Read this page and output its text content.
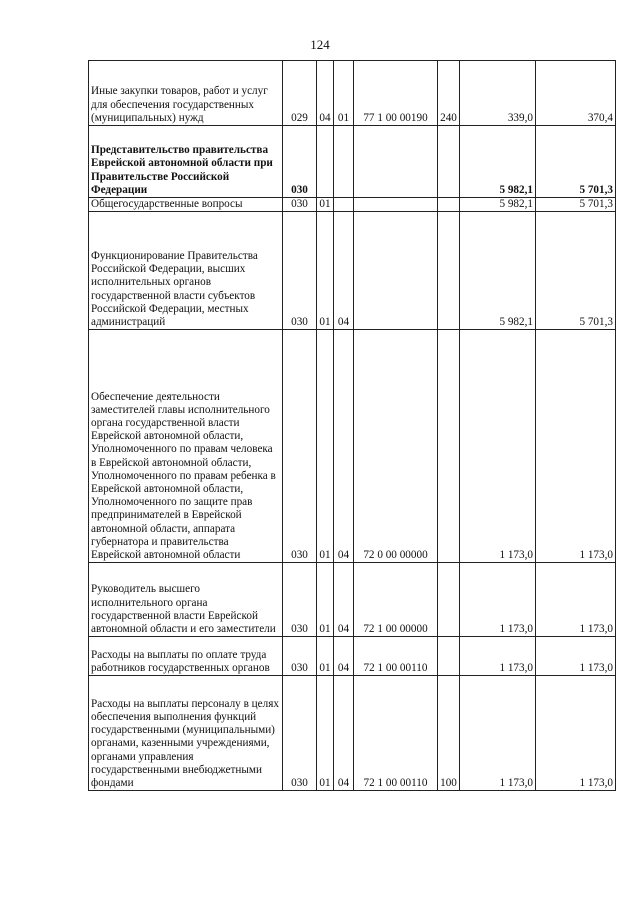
124
Иные закупки товаров, работ и услуг для обеспечения государственных (муниципальных) нужд	029	04	01	77 1 00 00190	240	339,0	370,4
Представительство правительства Еврейской автономной области при Правительстве Российской Федерации	030					5 982,1	5 701,3
Общегосударственные вопросы	030	01				5 982,1	5 701,3
Функционирование Правительства Российской Федерации, высших исполнительных органов государственной власти субъектов Российской Федерации, местных администраций	030	01	04			5 982,1	5 701,3
Обеспечение деятельности заместителей главы исполнительного органа государственной власти Еврейской автономной области, Уполномоченного по правам человека в Еврейской автономной области, Уполномоченного по правам ребенка в Еврейской автономной области, Уполномоченного по защите прав предпринимателей в Еврейской автономной области, аппарата губернатора и правительства Еврейской автономной области	030	01	04	72 0 00 00000		1 173,0	1 173,0
Руководитель высшего исполнительного органа государственной власти Еврейской автономной области и его заместители	030	01	04	72 1 00 00000		1 173,0	1 173,0
Расходы на выплаты по оплате труда работников государственных органов	030	01	04	72 1 00 00110		1 173,0	1 173,0
Расходы на выплаты персоналу в целях обеспечения выполнения функций государственными (муниципальными) органами, казенными учреждениями, органами управления государственными внебюджетными фондами	030	01	04	72 1 00 00110	100	1 173,0	1 173,0
